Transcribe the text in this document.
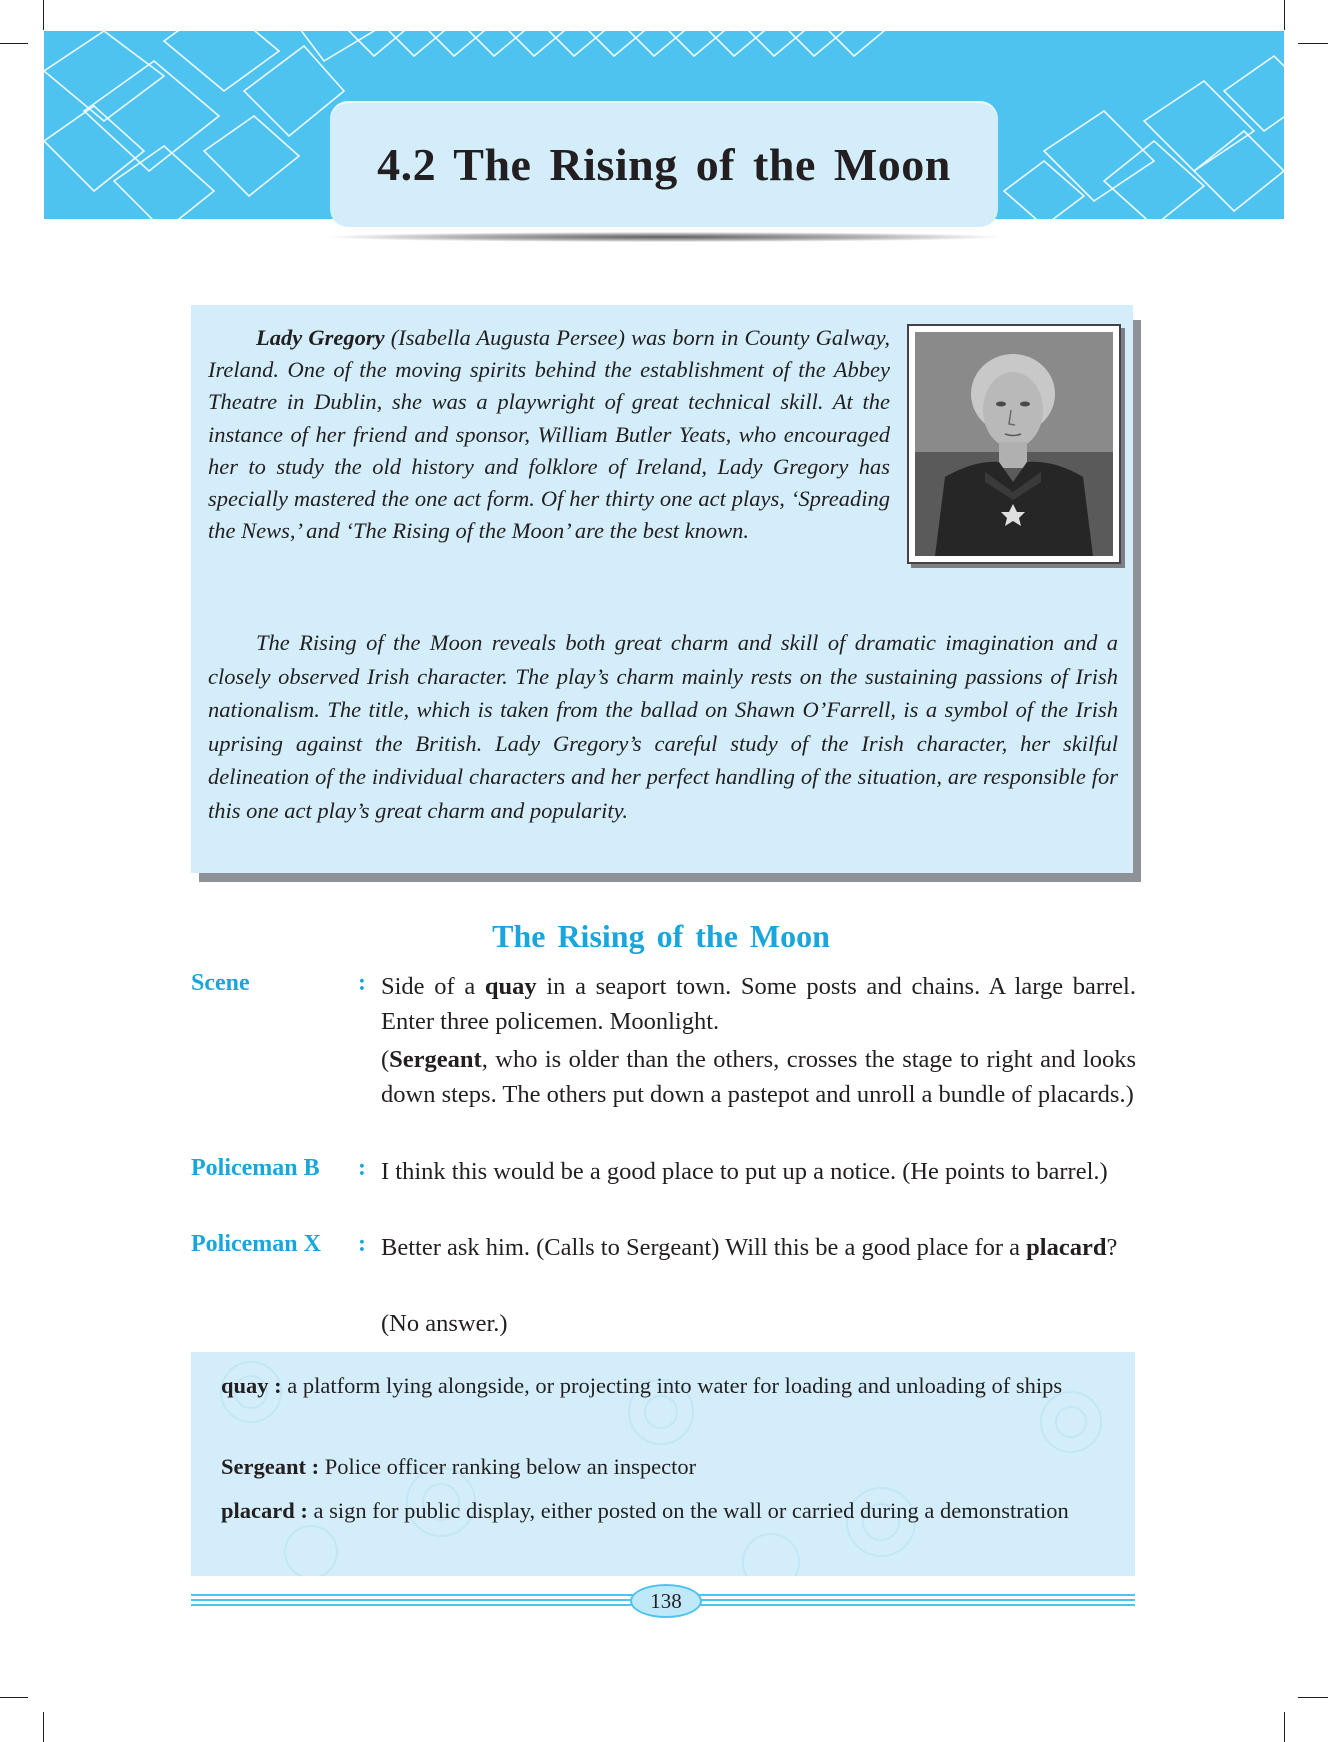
4.2 The Rising of the Moon

Lady Gregory (Isabella Augusta Persee) was born in County Galway, Ireland. One of the moving spirits behind the establishment of the Abbey Theatre in Dublin, she was a playwright of great technical skill. At the instance of her friend and sponsor, William Butler Yeats, who encouraged her to study the old history and folklore of Ireland, Lady Gregory has specially mastered the one act form. Of her thirty one act plays, ‘Spreading the News,’ and ‘The Rising of the Moon’ are the best known.

The Rising of the Moon reveals both great charm and skill of dramatic imagination and a closely observed Irish character. The play’s charm mainly rests on the sustaining passions of Irish nationalism. The title, which is taken from the ballad on Shawn O’Farrell, is a symbol of the Irish uprising against the British. Lady Gregory’s careful study of the Irish character, her skilful delineation of the individual characters and her perfect handling of the situation, are responsible for this one act play’s great charm and popularity.

The Rising of the Moon
Scene	: Side of a quay in a seaport town. Some posts and chains. A large barrel. Enter three policemen. Moonlight.

(Sergeant, who is older than the others, crosses the stage to right and looks down steps. The others put down a pastepot and unroll a bundle of placards.)

Policeman B : I think this would be a good place to put up a notice. (He points to barrel.)

Policeman X : Better ask him. (Calls to Sergeant) Will this be a good place for a placard?

(No answer.)

quay : a platform lying alongside, or projecting into water for loading and unloading of ships

Sergeant : Police officer ranking below an inspector

placard : a sign for public display, either posted on the wall or carried during a demonstration

138
